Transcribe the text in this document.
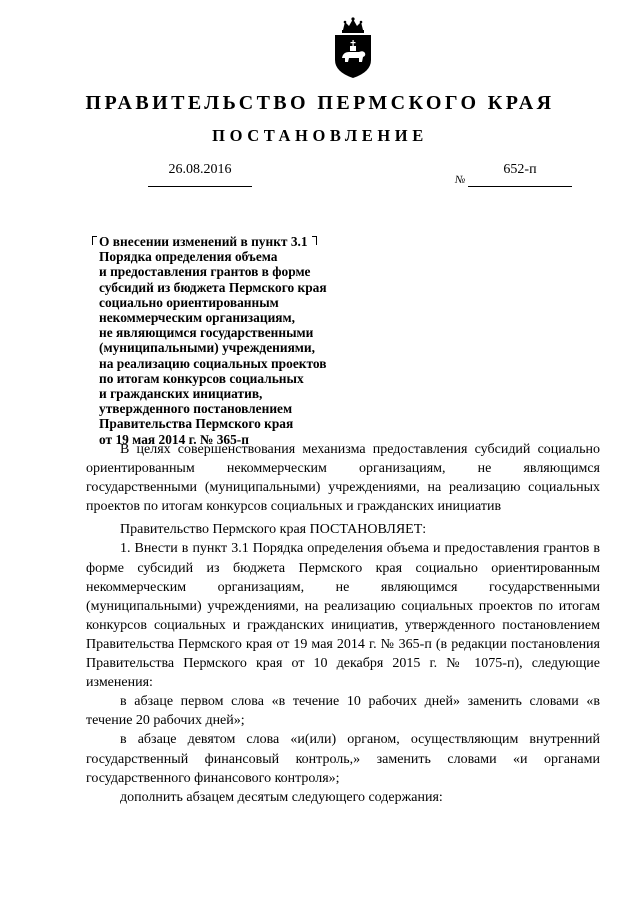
ПРАВИТЕЛЬСТВО ПЕРМСКОГО КРАЯ
ПОСТАНОВЛЕНИЕ
26.08.2016
№
652-п
О внесении изменений в пункт 3.1
Порядка определения объема
и предоставления грантов в форме
субсидий из бюджета Пермского края
социально ориентированным
некоммерческим организациям,
не являющимся государственными
(муниципальными) учреждениями,
на реализацию социальных проектов
по итогам конкурсов социальных
и гражданских инициатив,
утвержденного постановлением
Правительства Пермского края
от 19 мая 2014 г. № 365-п

В целях совершенствования механизма предоставления субсидий социально ориентированным некоммерческим организациям, не являющимся государственными (муниципальными) учреждениями, на реализацию социальных проектов по итогам конкурсов социальных и гражданских инициатив

Правительство Пермского края ПОСТАНОВЛЯЕТ:

1. Внести в пункт 3.1 Порядка определения объема и предоставления грантов в форме субсидий из бюджета Пермского края социально ориентированным некоммерческим организациям, не являющимся государственными (муниципальными) учреждениями, на реализацию социальных проектов по итогам конкурсов социальных и гражданских инициатив, утвержденного постановлением Правительства Пермского края от 19 мая 2014 г. № 365-п (в редакции постановления Правительства Пермского края от 10 декабря 2015 г. № 1075-п), следующие изменения:

в абзаце первом слова «в течение 10 рабочих дней» заменить словами «в течение 20 рабочих дней»;

в абзаце девятом слова «и(или) органом, осуществляющим внутренний государственный финансовый контроль,» заменить словами «и органами государственного финансового контроля»;

дополнить абзацем десятым следующего содержания:
